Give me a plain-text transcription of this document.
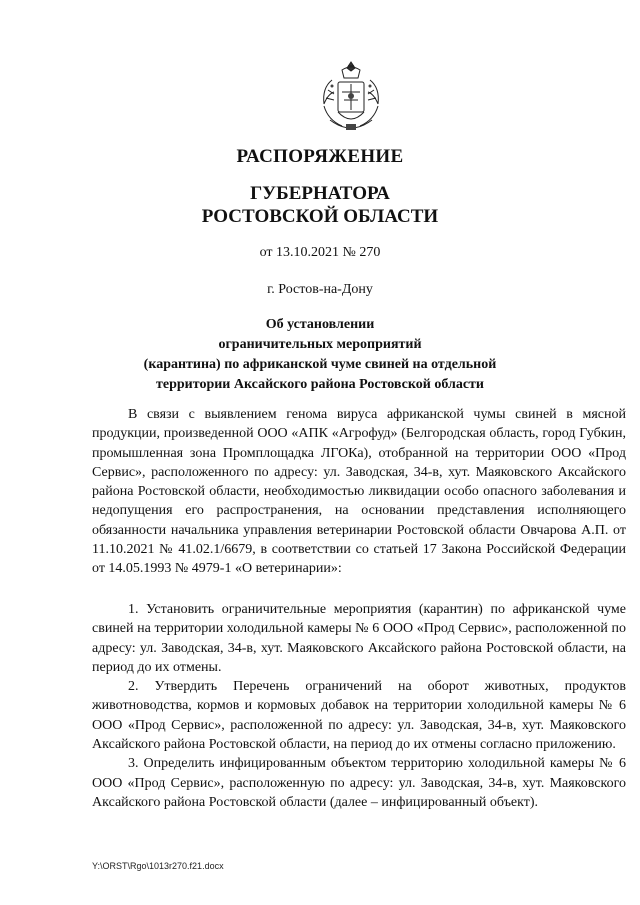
РАСПОРЯЖЕНИЕ
ГУБЕРНАТОРА
РОСТОВСКОЙ ОБЛАСТИ
от 13.10.2021 № 270
г. Ростов-на-Дону
Об установлении
ограничительных мероприятий
(карантина) по африканской чуме свиней на отдельной
территории Аксайского района Ростовской области

В связи с выявлением генома вируса африканской чумы свиней в мясной продукции, произведенной ООО «АПК «Агрофуд» (Белгородская область, город Губкин, промышленная зона Промплощадка ЛГОКа), отобранной на территории ООО «Прод Сервис», расположенного по адресу: ул. Заводская, 34-в, хут. Маяковского Аксайского района Ростовской области, необходимостью ликвидации особо опасного заболевания и недопущения его распространения, на основании представления исполняющего обязанности начальника управления ветеринарии Ростовской области Овчарова А.П. от 11.10.2021 № 41.02.1/6679, в соответствии со статьей 17 Закона Российской Федерации от 14.05.1993 № 4979-1 «О ветеринарии»:

1. Установить ограничительные мероприятия (карантин) по африканской чуме свиней на территории холодильной камеры № 6 ООО «Прод Сервис», расположенной по адресу: ул. Заводская, 34-в, хут. Маяковского Аксайского района Ростовской области, на период до их отмены.

2. Утвердить Перечень ограничений на оборот животных, продуктов животноводства, кормов и кормовых добавок на территории холодильной камеры № 6 ООО «Прод Сервис», расположенной по адресу: ул. Заводская, 34-в, хут. Маяковского Аксайского района Ростовской области, на период до их отмены согласно приложению.

3. Определить инфицированным объектом территорию холодильной камеры № 6 ООО «Прод Сервис», расположенную по адресу: ул. Заводская, 34-в, хут. Маяковского Аксайского района Ростовской области (далее – инфицированный объект).

Y:\ORST\Rgo\1013r270.f21.docx
